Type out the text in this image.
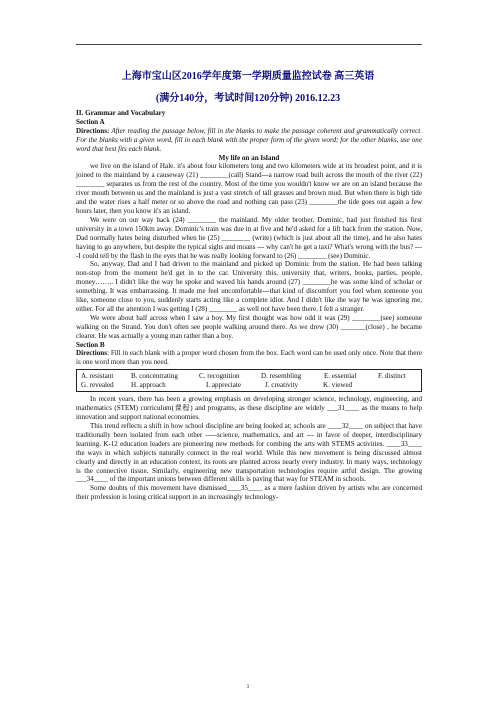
上海市宝山区2016学年度第一学期质量监控试卷 高三英语
(满分140分，考试时间120分钟) 2016.12.23

II. Grammar and Vocabulary

Section A

Directions: After reading the passage below, fill in the blanks to make the passage coherent and grammatically correct. For the blanks with a given word, fill in each blank with the proper form of the given word; for the other blanks, use one word that best fits each blank.

My life on an Island

we live on the island of Hale. it's about four kilometers long and two kilometers wide at its broadest point, and it is joined to the mainland by a causeway (21) ________(call) Stand---a narrow road built across the mouth of the river (22) ________ separates us from the rest of the country. Most of the time you wouldn't know we are on an island because the river mouth between us and the mainland is just a vast stretch of tall grasses and brown mud. But when there is high tide and the water rises a half meter or so above the road and nothing can pass (23) ________the tide goes out again a few hours later, then you know it's an island.

We were on our way back (24) ________ the mainland. My older brother, Dominic, had just finished his first university in a town 150km away. Dominic's train was due in at five and he'd asked for a lift back from the station. Now, Dad normally hates being disturbed when he (25) ________ (write) (which is just about all the time), and he also hates having to go anywhere, but despite the typical sighs and moans --- why can't he get a taxi? What's wrong with the bus? ----I could tell by the flash in the eyes that he was really looking forward to (26) ________ (see) Dominic.

So, anyway, Dad and I had driven to the mainland and picked up Dominic from the station. He had been talking non-stop from the moment he'd get in to the car. University this, university that, writers, books, parties, people, money…….. I didn't like the way he spoke and waved his hands around (27) ________he was some kind of scholar or something. It was embarrassing. It made me feel uncomfortable---that kind of discomfort you feel when someone you like, someone close to you, suddenly starts acting like a complete idiot. And I didn't like the way he was ignoring me, either. For all the attention I was getting I (28) ________ as well not have been there. I felt a stranger.

We were about half across when I saw a boy. My first thought was how odd it was (29) ________(see) someone walking on the Strand. You don't often see people walking around there. As we drew (30) _______(close) , he became clearer. He was actually a young man rather than a boy.

Section B

Directions: Fill in each blank with a proper word chosen from the box. Each word can be used only once. Note that there is one word more than you need.

A. resistant	B. concentrating	C. recognition	D. resembling	E. essential	F. distinct
G. revealed	H. approach	I. appreciate	J. creativity	K. viewed

In recent years, there has been a growing emphasis on developing stronger science, technology, engineering, and mathematics (STEM) curriculum(课程) and programs, as these discipline are widely ___31____ as the means to help innovation and support national economies.

This trend reflects a shift in how school discipline are being looked at; schools are ____32____ on subject that have traditionally been isolated from each other -----science, mathematics, and art --- in favor of deeper, interdisciplinary learning. K-12 education leaders are pioneering new methods for combing the arts with STEMS activities. ____33____ the ways in which subjects naturally connect in the real world. While this new movement is being discussed almost clearly and directly in an education context, its roots are planted across nearly every industry. In many ways, technology is the connective tissue. Similarly, engineering new transportation technologies require artful design. The growing ___34____ of the important unions between different skills is paving that way for STEAM in schools.

Some doubts of this movement have dismissed____35____ as a mere fashion driven by artists who are concerned their profession is losing critical support in an increasingly technology-

1
